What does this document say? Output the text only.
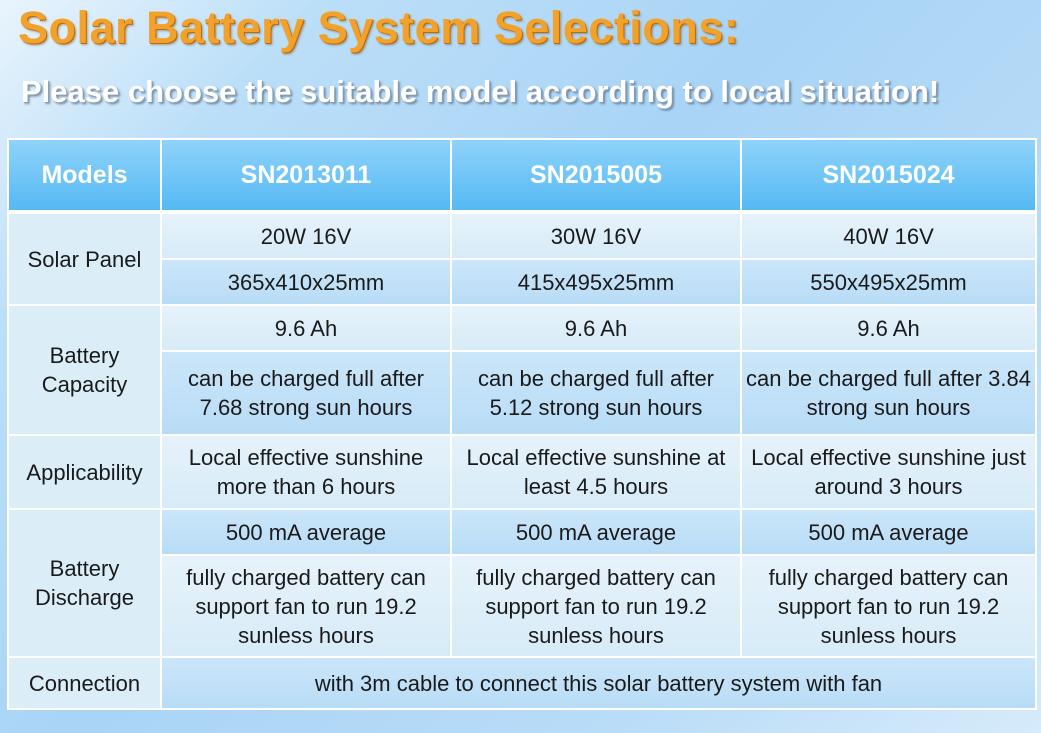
Solar Battery System Selections:
Please choose the suitable model according to local situation!
Models	SN2013011	SN2015005	SN2015024
Solar Panel	20W 16V	30W 16V	40W 16V
	365x410x25mm	415x495x25mm	550x495x25mm
Battery Capacity	9.6 Ah	9.6 Ah	9.6 Ah
	can be charged full after 7.68 strong sun hours	can be charged full after 5.12 strong sun hours	can be charged full after 3.84 strong sun hours
Applicability	Local effective sunshine more than 6 hours	Local effective sunshine at least 4.5 hours	Local effective sunshine just around 3 hours
Battery Discharge	500 mA average	500 mA average	500 mA average
	fully charged battery can support fan to run 19.2 sunless hours	fully charged battery can support fan to run 19.2 sunless hours	fully charged battery can support fan to run 19.2 sunless hours
Connection	with 3m cable to connect this solar battery system with fan		
